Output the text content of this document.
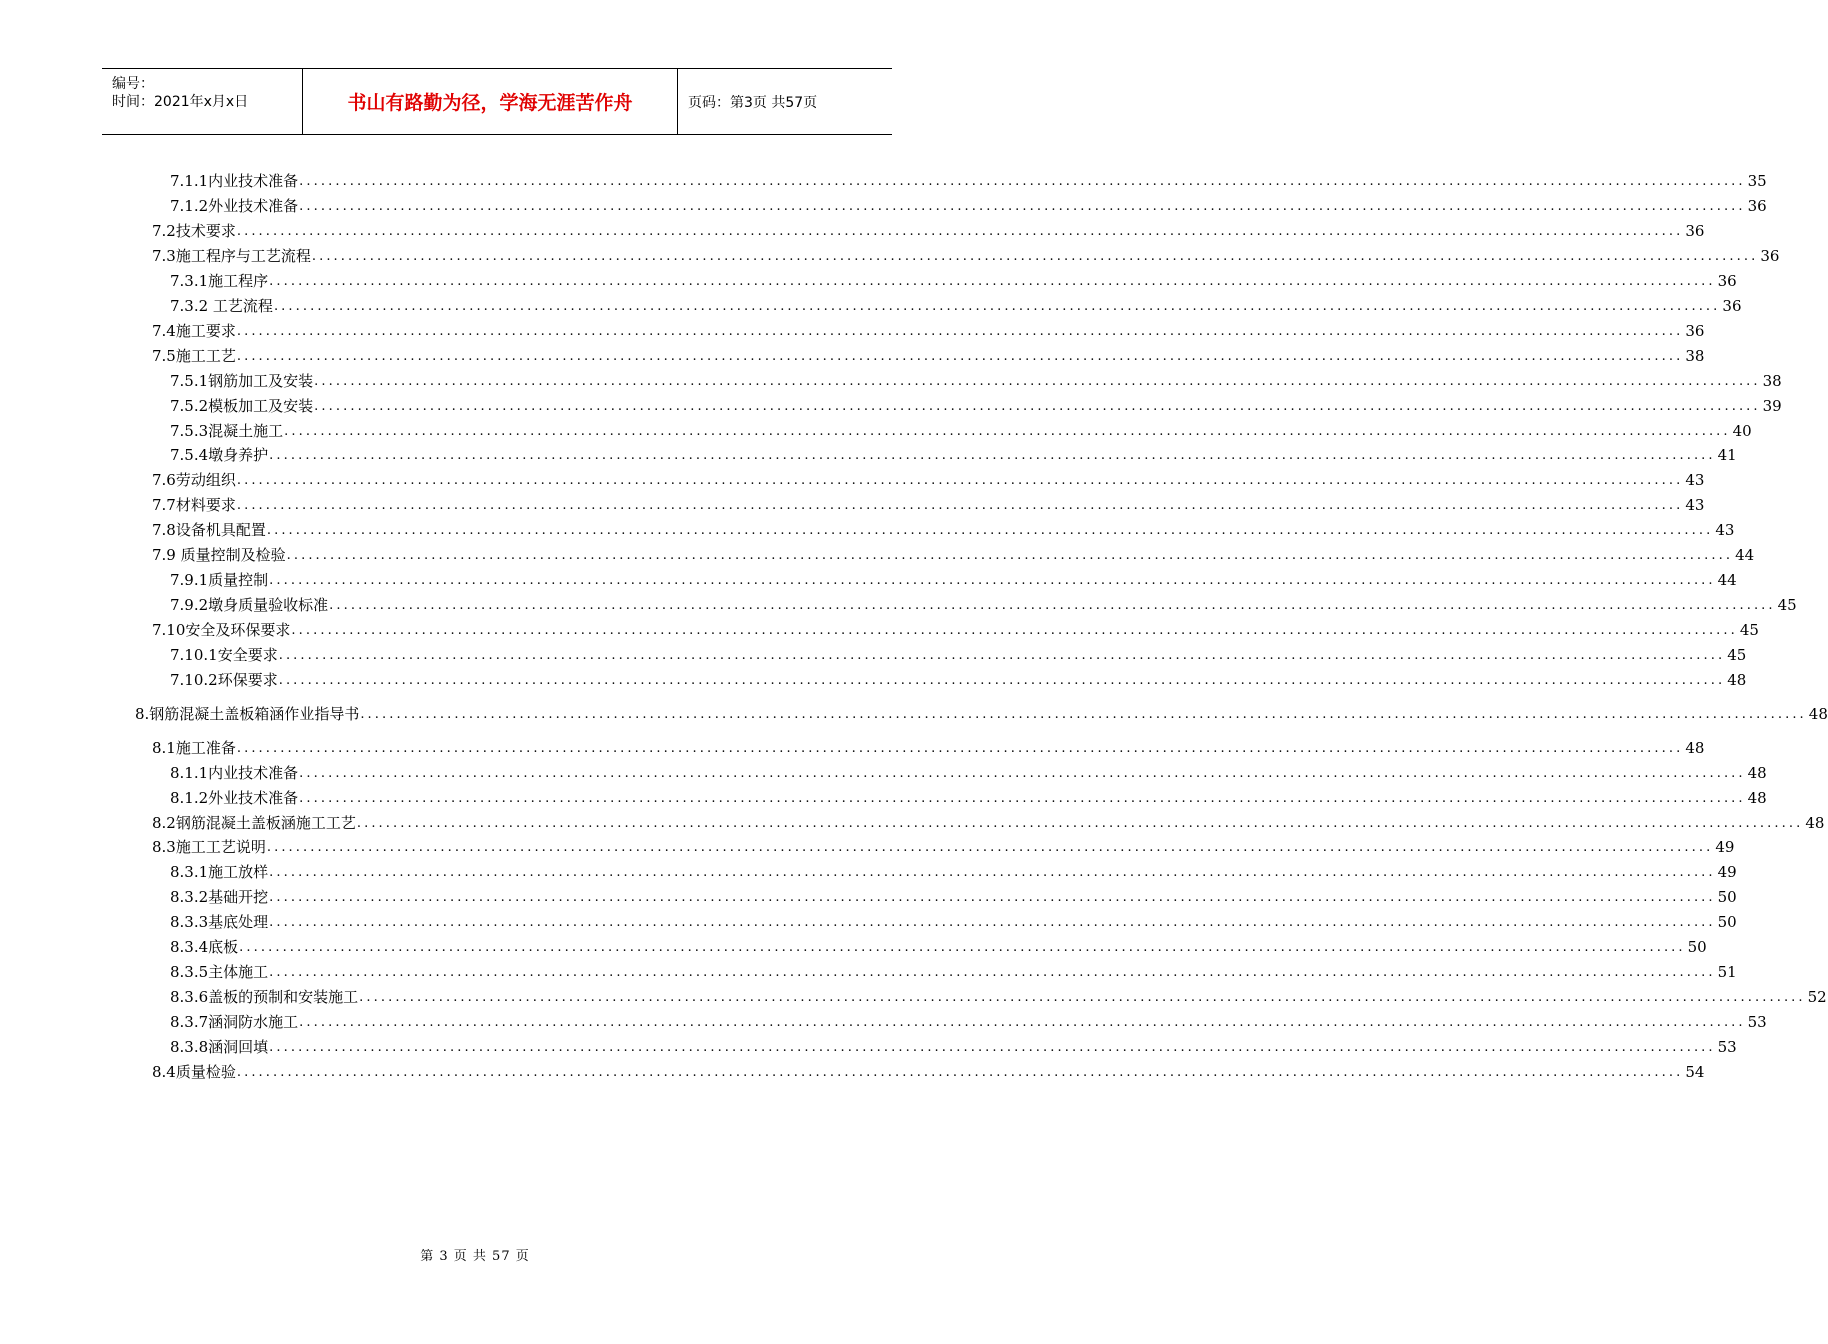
编号：
时间：2021年x月x日	书山有路勤为径，学海无涯苦作舟	页码：第3页 共57页
7.1.1内业技术准备 ........................................................................................................................................................................................................ 35
7.1.2外业技术准备 ........................................................................................................................................................................................................ 36
7.2技术要求 ........................................................................................................................................................................................................ 36
7.3施工程序与工艺流程 ........................................................................................................................................................................................................ 36
7.3.1施工程序 ........................................................................................................................................................................................................ 36
7.3.2 工艺流程 ........................................................................................................................................................................................................ 36
7.4施工要求 ........................................................................................................................................................................................................ 36
7.5施工工艺 ........................................................................................................................................................................................................ 38
7.5.1钢筋加工及安装 ........................................................................................................................................................................................................ 38
7.5.2模板加工及安装 ........................................................................................................................................................................................................ 39
7.5.3混凝土施工 ........................................................................................................................................................................................................ 40
7.5.4墩身养护 ........................................................................................................................................................................................................ 41
7.6劳动组织 ........................................................................................................................................................................................................ 43
7.7材料要求 ........................................................................................................................................................................................................ 43
7.8设备机具配置 ........................................................................................................................................................................................................ 43
7.9 质量控制及检验 ........................................................................................................................................................................................................ 44
7.9.1质量控制 ........................................................................................................................................................................................................ 44
7.9.2墩身质量验收标准 ........................................................................................................................................................................................................ 45
7.10安全及环保要求 ........................................................................................................................................................................................................ 45
7.10.1安全要求 ........................................................................................................................................................................................................ 45
7.10.2环保要求 ........................................................................................................................................................................................................ 48
8.钢筋混凝土盖板箱涵作业指导书 ........................................................................................................................................................................................................ 48
8.1施工准备 ........................................................................................................................................................................................................ 48
8.1.1内业技术准备 ........................................................................................................................................................................................................ 48
8.1.2外业技术准备 ........................................................................................................................................................................................................ 48
8.2钢筋混凝土盖板涵施工工艺 ........................................................................................................................................................................................................ 48
8.3施工工艺说明 ........................................................................................................................................................................................................ 49
8.3.1施工放样 ........................................................................................................................................................................................................ 49
8.3.2基础开挖 ........................................................................................................................................................................................................ 50
8.3.3基底处理 ........................................................................................................................................................................................................ 50
8.3.4底板 ........................................................................................................................................................................................................ 50
8.3.5主体施工 ........................................................................................................................................................................................................ 51
8.3.6盖板的预制和安装施工 ........................................................................................................................................................................................................ 52
8.3.7涵洞防水施工 ........................................................................................................................................................................................................ 53
8.3.8涵洞回填 ........................................................................................................................................................................................................ 53
8.4质量检验 ........................................................................................................................................................................................................ 54
第 3 页 共 57 页
